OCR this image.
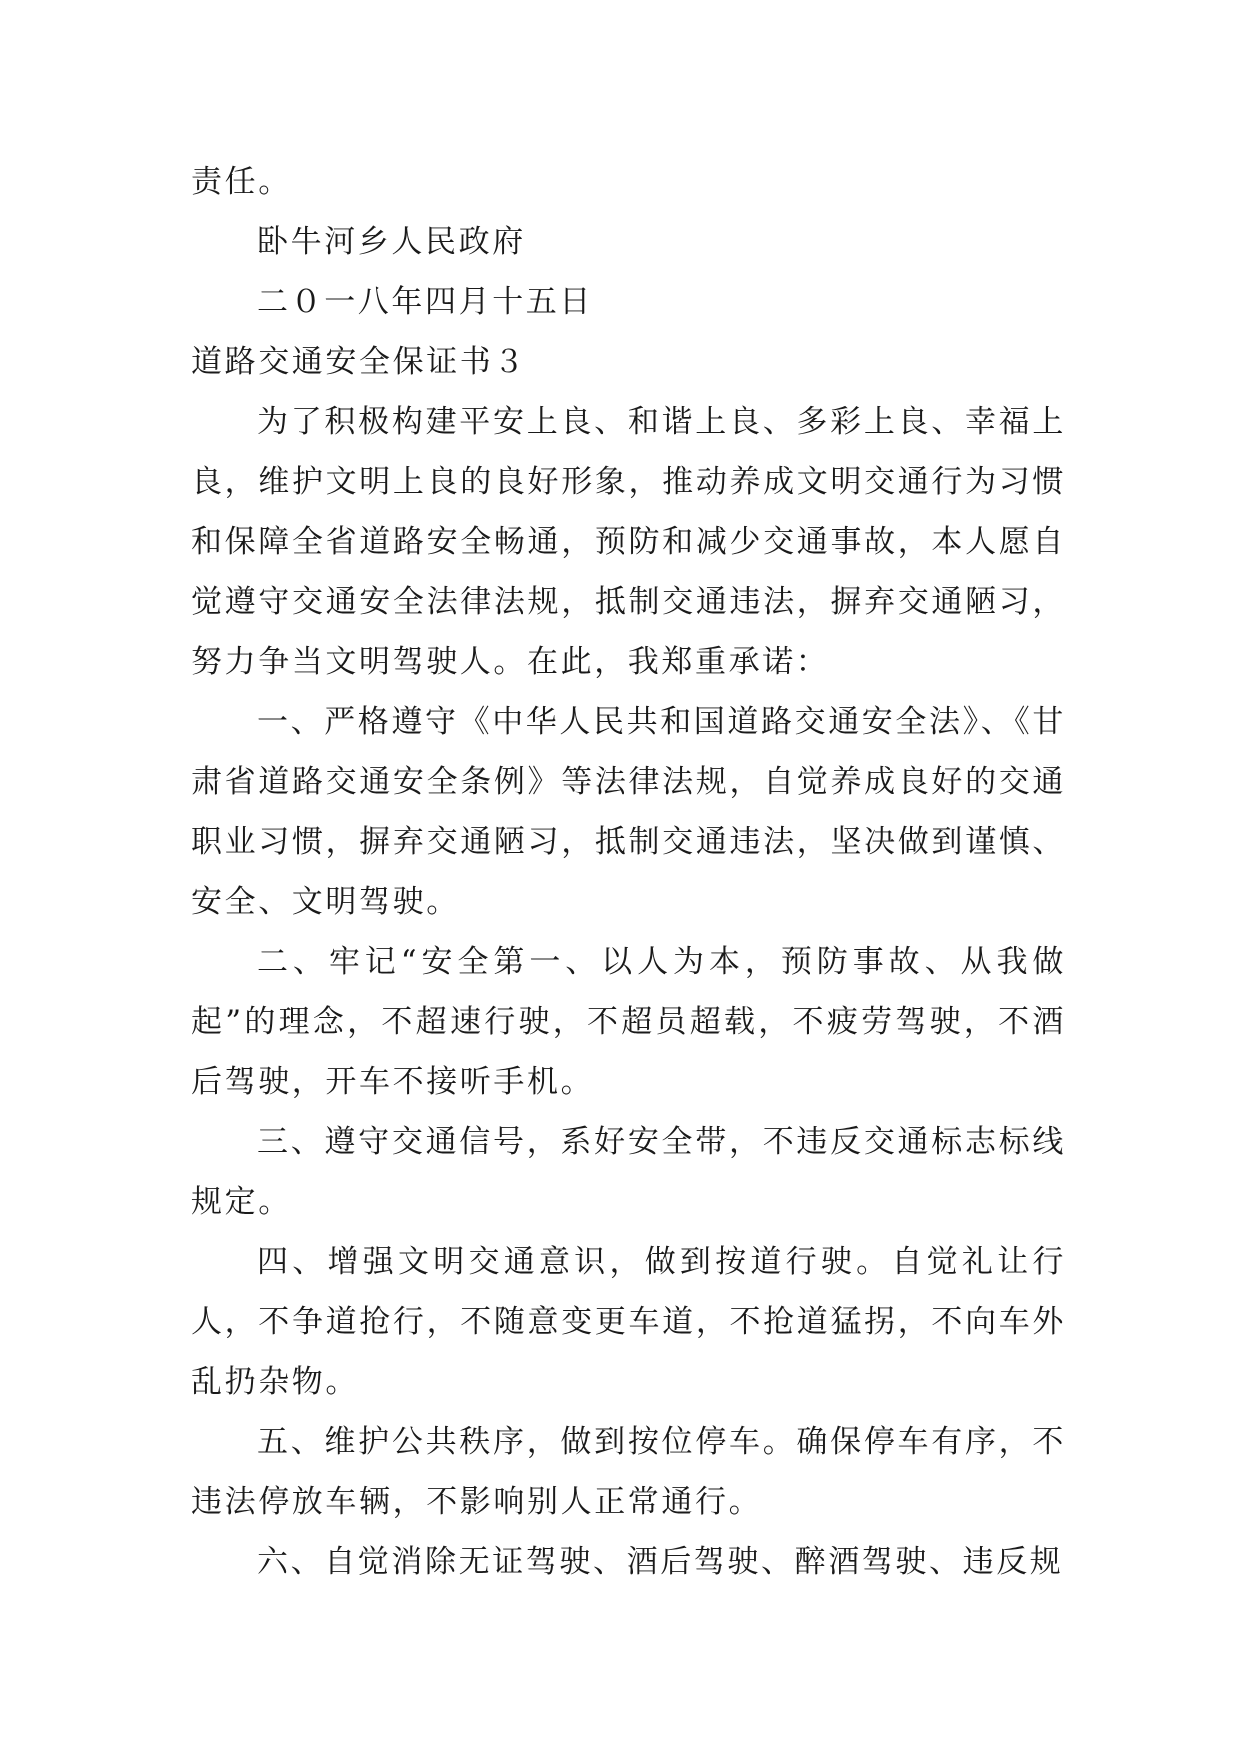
责任。
卧牛河乡人民政府
二０一八年四月十五日
道路交通安全保证书３

为了积极构建平安上良、和谐上良、多彩上良、幸福上良，维护文明上良的良好形象，推动养成文明交通行为习惯和保障全省道路安全畅通，预防和减少交通事故，本人愿自觉遵守交通安全法律法规，抵制交通违法，摒弃交通陋习，努力争当文明驾驶人。在此，我郑重承诺：

一、严格遵守《中华人民共和国道路交通安全法》、《甘肃省道路交通安全条例》等法律法规，自觉养成良好的交通职业习惯，摒弃交通陋习，抵制交通违法，坚决做到谨慎、安全、文明驾驶。

二、牢记“安全第一、以人为本，预防事故、从我做起”的理念，不超速行驶，不超员超载，不疲劳驾驶，不酒后驾驶，开车不接听手机。

三、遵守交通信号，系好安全带，不违反交通标志标线规定。

四、增强文明交通意识，做到按道行驶。自觉礼让行人，不争道抢行，不随意变更车道，不抢道猛拐，不向车外乱扔杂物。

五、维护公共秩序，做到按位停车。确保停车有序，不违法停放车辆，不影响别人正常通行。

六、自觉消除无证驾驶、酒后驾驶、醉酒驾驶、违反规
